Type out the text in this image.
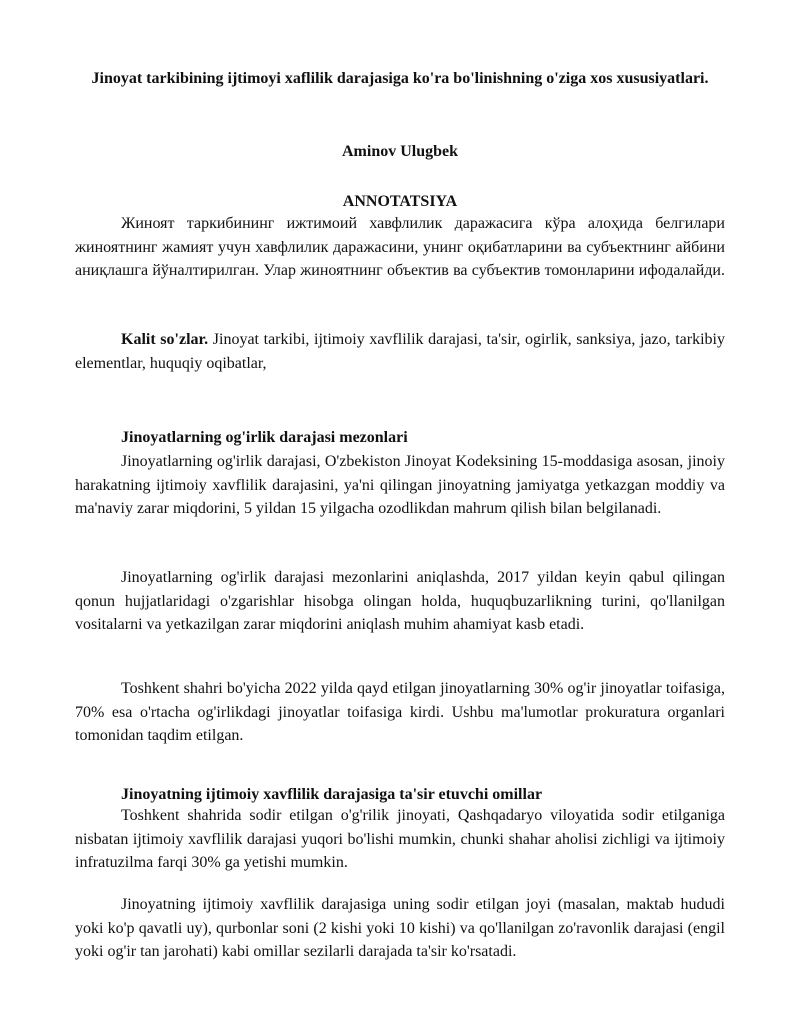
Jinoyat tarkibining ijtimoyi xaflilik darajasiga ko'ra bo'linishning o'ziga xos xususiyatlari.

Aminov Ulugbek

ANNOTATSIYA

Жиноят таркибининг ижтимоий хавфлилик даражасига кўра алоҳида белгилари жиноятнинг жамият учун хавфлилик даражасини, унинг оқибатларини ва субъектнинг айбини аниқлашга йўналтирилган. Улар жиноятнинг объектив ва субъектив томонларини ифодалайди.

Kalit so'zlar. Jinoyat tarkibi, ijtimoiy xavflilik darajasi, ta'sir, ogirlik, sanksiya, jazo, tarkibiy elementlar, huquqiy oqibatlar,

Jinoyatlarning og'irlik darajasi mezonlari

Jinoyatlarning og'irlik darajasi, O'zbekiston Jinoyat Kodeksining 15-moddasiga asosan, jinoiy harakatning ijtimoiy xavflilik darajasini, ya'ni qilingan jinoyatning jamiyatga yetkazgan moddiy va ma'naviy zarar miqdorini, 5 yildan 15 yilgacha ozodlikdan mahrum qilish bilan belgilanadi.

Jinoyatlarning og'irlik darajasi mezonlarini aniqlashda, 2017 yildan keyin qabul qilingan qonun hujjatlaridagi o'zgarishlar hisobga olingan holda, huquqbuzarlikning turini, qo'llanilgan vositalarni va yetkazilgan zarar miqdorini aniqlash muhim ahamiyat kasb etadi.

Toshkent shahri bo'yicha 2022 yilda qayd etilgan jinoyatlarning 30% og'ir jinoyatlar toifasiga, 70% esa o'rtacha og'irlikdagi jinoyatlar toifasiga kirdi. Ushbu ma'lumotlar prokuratura organlari tomonidan taqdim etilgan.

Jinoyatning ijtimoiy xavflilik darajasiga ta'sir etuvchi omillar

Toshkent shahrida sodir etilgan o'g'rilik jinoyati, Qashqadaryo viloyatida sodir etilganiga nisbatan ijtimoiy xavflilik darajasi yuqori bo'lishi mumkin, chunki shahar aholisi zichligi va ijtimoiy infratuzilma farqi 30% ga yetishi mumkin.

Jinoyatning ijtimoiy xavflilik darajasiga uning sodir etilgan joyi (masalan, maktab hududi yoki ko'p qavatli uy), qurbonlar soni (2 kishi yoki 10 kishi) va qo'llanilgan zo'ravonlik darajasi (engil yoki og'ir tan jarohati) kabi omillar sezilarli darajada ta'sir ko'rsatadi.
